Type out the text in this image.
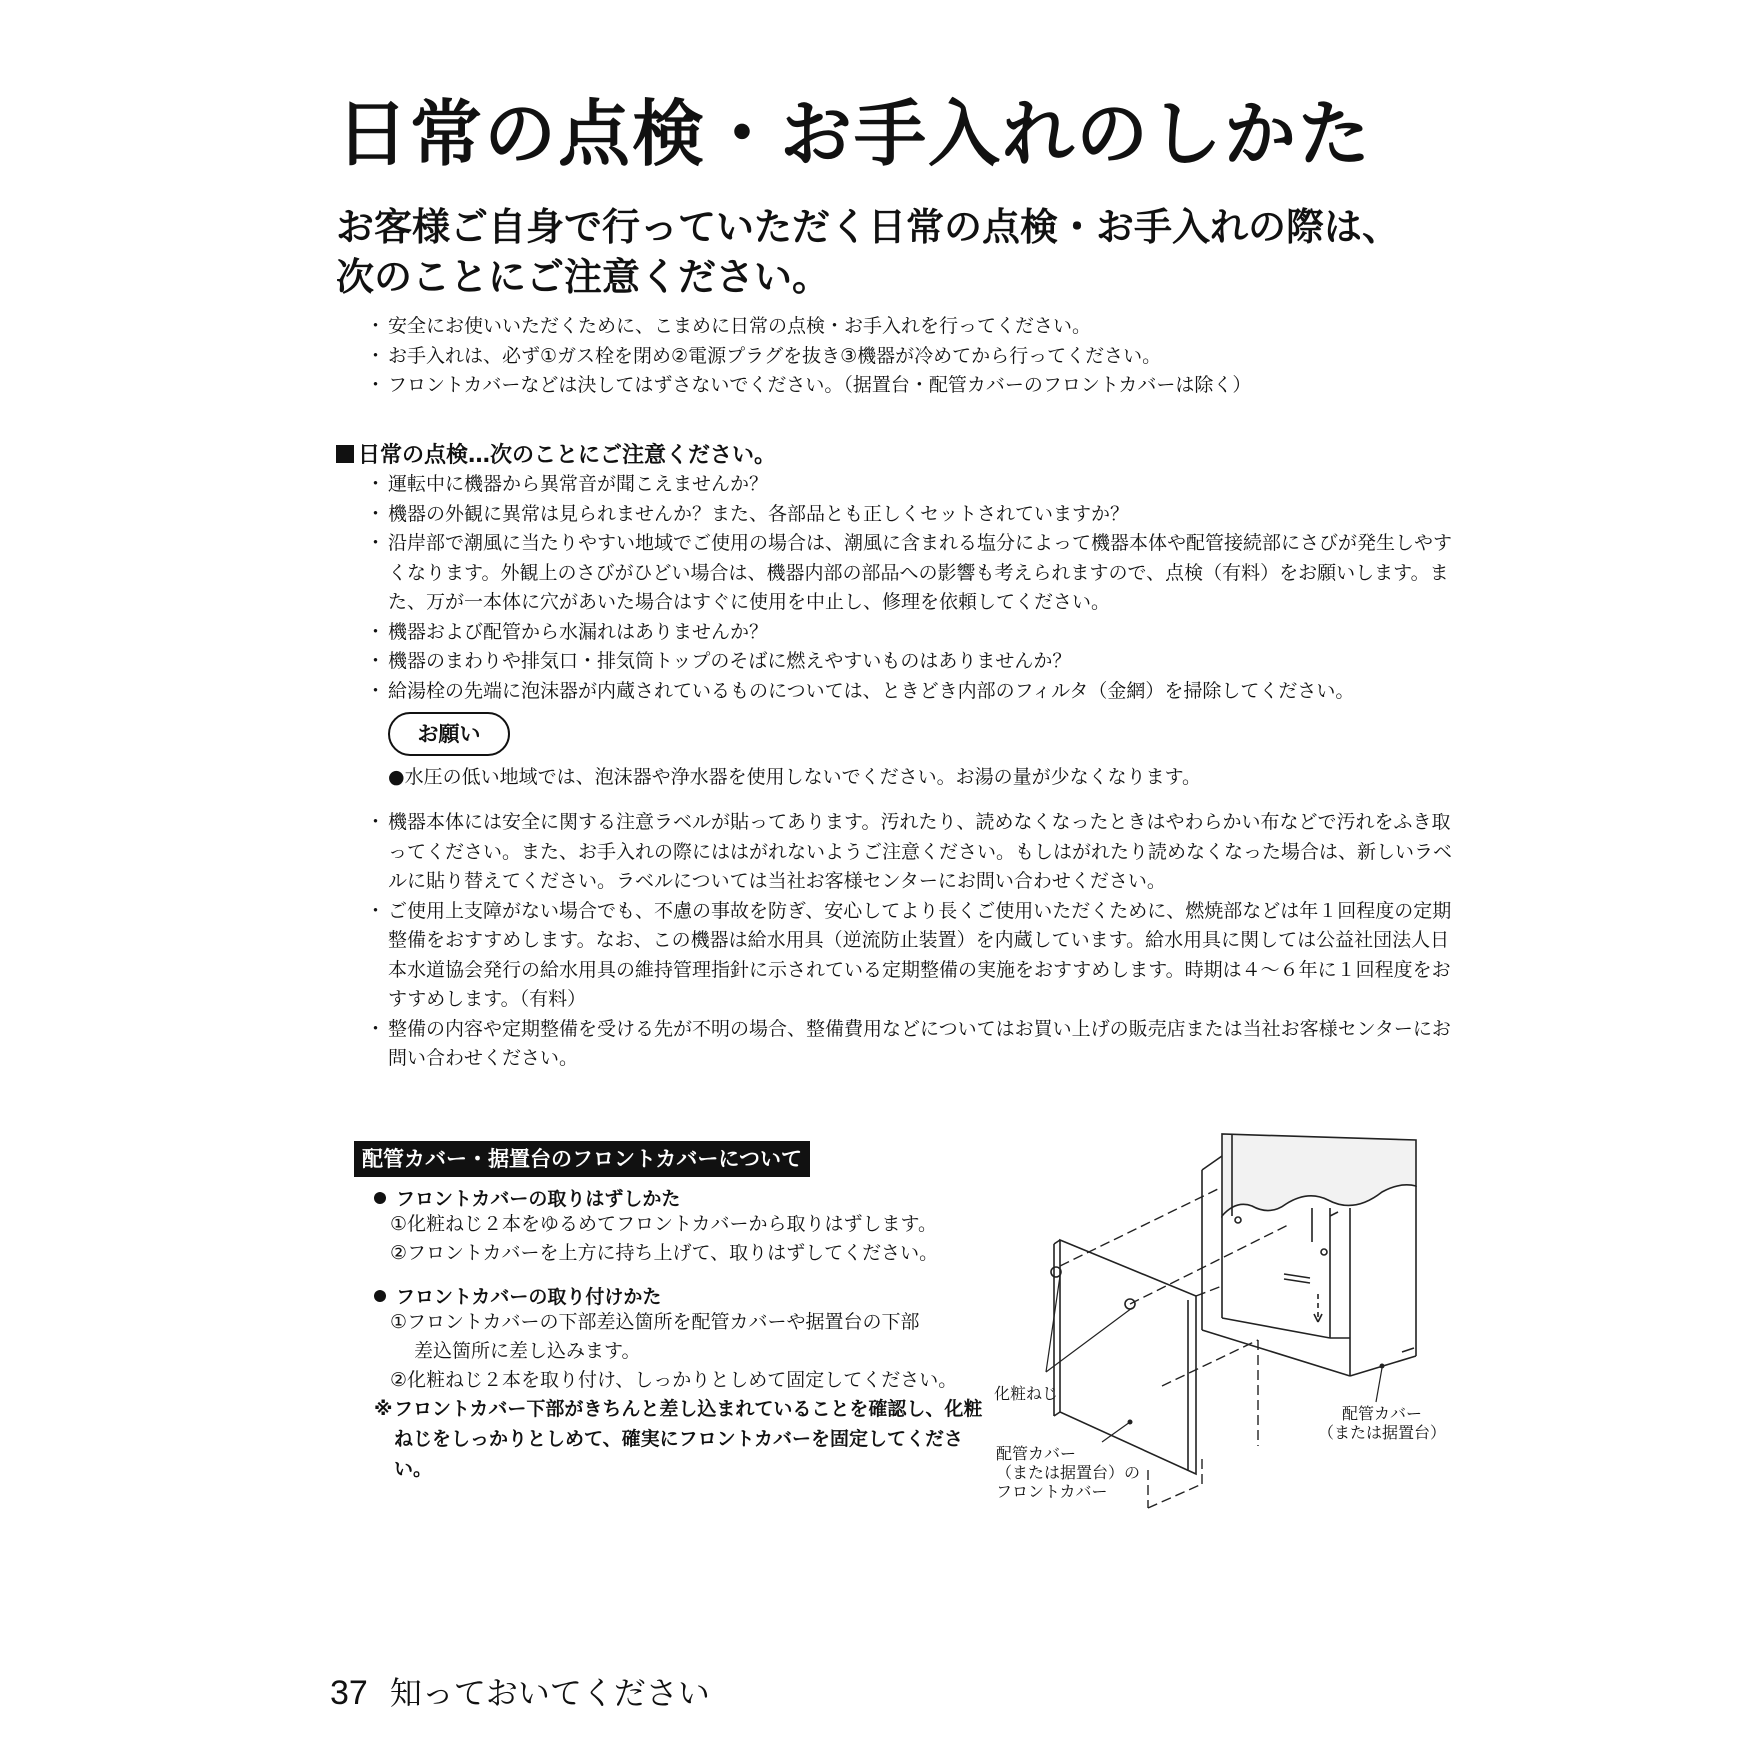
日常の点検・お手入れのしかた
お客様ご自身で行っていただく日常の点検・お手入れの際は、
次のことにご注意ください。
・ 安全にお使いいただくために、こまめに日常の点検・お手入れを行ってください。
・ お手入れは、必ず①ガス栓を閉め②電源プラグを抜き③機器が冷めてから行ってください。
・ フロントカバーなどは決してはずさないでください。（据置台・配管カバーのフロントカバーは除く）
日常の点検…次のことにご注意ください。
・ 運転中に機器から異常音が聞こえませんか？
・ 機器の外観に異常は見られませんか？また、各部品とも正しくセットされていますか？
・ 沿岸部で潮風に当たりやすい地域でご使用の場合は、潮風に含まれる塩分によって機器本体や配管接続部にさびが発生しやすくなります。外観上のさびがひどい場合は、機器内部の部品への影響も考えられますので、点検（有料）をお願いします。また、万が一本体に穴があいた場合はすぐに使用を中止し、修理を依頼してください。
・ 機器および配管から水漏れはありませんか？
・ 機器のまわりや排気口・排気筒トップのそばに燃えやすいものはありませんか？
・ 給湯栓の先端に泡沫器が内蔵されているものについては、ときどき内部のフィルタ（金網）を掃除してください。
お願い
●水圧の低い地域では、泡沫器や浄水器を使用しないでください。お湯の量が少なくなります。
・ 機器本体には安全に関する注意ラベルが貼ってあります。汚れたり、読めなくなったときはやわらかい布などで汚れをふき取ってください。また、お手入れの際にははがれないようご注意ください。もしはがれたり読めなくなった場合は、新しいラベルに貼り替えてください。ラベルについては当社お客様センターにお問い合わせください。
・ ご使用上支障がない場合でも、不慮の事故を防ぎ、安心してより長くご使用いただくために、燃焼部などは年１回程度の定期整備をおすすめします。なお、この機器は給水用具（逆流防止装置）を内蔵しています。給水用具に関しては公益社団法人日本水道協会発行の給水用具の維持管理指針に示されている定期整備の実施をおすすめします。時期は４～６年に１回程度をおすすめします。（有料）
・ 整備の内容や定期整備を受ける先が不明の場合、整備費用などについてはお買い上げの販売店または当社お客様センターにお問い合わせください。
配管カバー・据置台のフロントカバーについて
フロントカバーの取りはずしかた
①化粧ねじ２本をゆるめてフロントカバーから取りはずします。
②フロントカバーを上方に持ち上げて、取りはずしてください。
フロントカバーの取り付けかた
①フロントカバーの下部差込箇所を配管カバーや据置台の下部
差込箇所に差し込みます。
②化粧ねじ２本を取り付け、しっかりとしめて固定してください。
※ フロントカバー下部がきちんと差し込まれていることを確認し、化粧ねじをしっかりとしめて、確実にフロントカバーを固定してください。
化粧ねじ
配管カバー
（または据置台）
配管カバー
（または据置台）の
フロントカバー
37 知っておいてください
